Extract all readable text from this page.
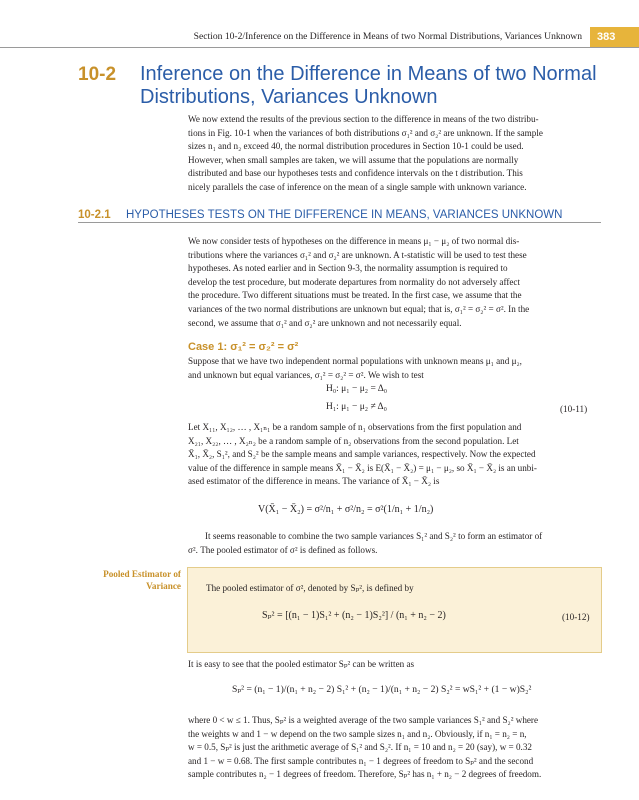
Section 10-2/Inference on the Difference in Means of two Normal Distributions, Variances Unknown	383
10-2 Inference on the Difference in Means of two Normal Distributions, Variances Unknown
We now extend the results of the previous section to the difference in means of the two distribu-
tions in Fig. 10-1 when the variances of both distributions σ₁² and σ₂² are unknown. If the sample
sizes n₁ and n₂ exceed 40, the normal distribution procedures in Section 10-1 could be used.
However, when small samples are taken, we will assume that the populations are normally
distributed and base our hypotheses tests and confidence intervals on the t distribution. This
nicely parallels the case of inference on the mean of a single sample with unknown variance.
10-2.1 HYPOTHESES TESTS ON THE DIFFERENCE IN MEANS, VARIANCES UNKNOWN
We now consider tests of hypotheses on the difference in means μ₁ − μ₂ of two normal dis-
tributions where the variances σ₁² and σ₂² are unknown. A t-statistic will be used to test these
hypotheses. As noted earlier and in Section 9-3, the normality assumption is required to
develop the test procedure, but moderate departures from normality do not adversely affect
the procedure. Two different situations must be treated. In the first case, we assume that the
variances of the two normal distributions are unknown but equal; that is, σ₁² = σ₂² = σ². In the
second, we assume that σ₁² and σ₂² are unknown and not necessarily equal.
Case 1: σ₁² = σ₂² = σ²
Suppose that we have two independent normal populations with unknown means μ₁ and μ₂,
and unknown but equal variances, σ₁² = σ₂² = σ². We wish to test
H₀: μ₁ − μ₂ = Δ₀
H₁: μ₁ − μ₂ ≠ Δ₀	(10-11)
Let X₁₁, X₁₂, … , X₁ₙ₁ be a random sample of n₁ observations from the first population and
X₂₁, X₂₂, … , X₂ₙ₂ be a random sample of n₂ observations from the second population. Let
X̄₁, X̄₂, S₁², and S₂² be the sample means and sample variances, respectively. Now the expected
value of the difference in sample means X̄₁ − X̄₂ is E(X̄₁ − X̄₂) = μ₁ − μ₂, so X̄₁ − X̄₂ is an unbi-
ased estimator of the difference in means. The variance of X̄₁ − X̄₂ is
V(X̄₁ − X̄₂) = σ²/n₁ + σ²/n₂ = σ²(1/n₁ + 1/n₂)
It seems reasonable to combine the two sample variances S₁² and S₂² to form an estimator of
σ². The pooled estimator of σ² is defined as follows.
Pooled Estimator of Variance	The pooled estimator of σ², denoted by Sₚ², is defined by
Sₚ² = [(n₁ − 1)S₁² + (n₂ − 1)S₂²] / (n₁ + n₂ − 2)	(10-12)
It is easy to see that the pooled estimator Sₚ² can be written as
Sₚ² = (n₁ − 1)/(n₁ + n₂ − 2) S₁² + (n₂ − 1)/(n₁ + n₂ − 2) S₂² = wS₁² + (1 − w)S₂²
where 0 < w ≤ 1. Thus, Sₚ² is a weighted average of the two sample variances S₁² and S₂² where
the weights w and 1 − w depend on the two sample sizes n₁ and n₂. Obviously, if n₁ = n₂ = n,
w = 0.5, Sₚ² is just the arithmetic average of S₁² and S₂². If n₁ = 10 and n₂ = 20 (say), w = 0.32
and 1 − w = 0.68. The first sample contributes n₁ − 1 degrees of freedom to Sₚ² and the second
sample contributes n₂ − 1 degrees of freedom. Therefore, Sₚ² has n₁ + n₂ − 2 degrees of freedom.
